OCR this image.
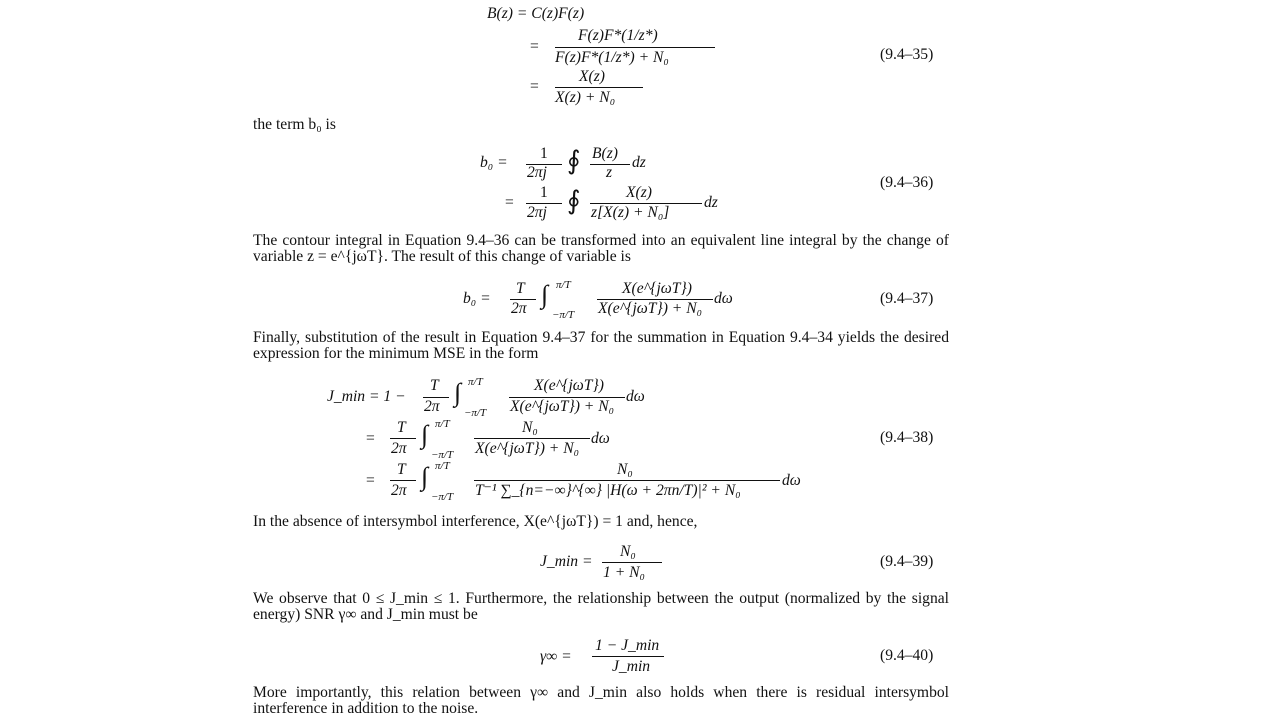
B(z) = C(z)F(z)
=
F(z)F*(1/z*)
F(z)F*(1/z*) + N₀
=
X(z)
X(z) + N₀
(9.4–35)
the term b₀ is
b₀ =
1
2πj ∮ B(z)
z
dz
=
1
2πj ∮	X(z)
z[X(z) + N₀]
dz
(9.4–36)
The contour integral in Equation 9.4–36 can be transformed into an equivalent line integral by the change of variable z = e^{jωT}. The result of this change of variable is
b₀ =
T
2π ∫ π/T
−π/T
X(e^{jωT})
X(e^{jωT}) + N₀
dω	(9.4–37)
Finally, substitution of the result in Equation 9.4–37 for the summation in Equation 9.4–34 yields the desired expression for the minimum MSE in the form
J_min = 1 −
T
2π ∫ π/T
−π/T
X(e^{jωT})
X(e^{jωT}) + N₀
dω
=
T
2π ∫ π/T
−π/T
N₀
X(e^{jωT}) + N₀
dω
=
T
2π ∫ π/T
−π/T
N₀
T⁻¹ ∑_{n=−∞}^{∞} |H(ω + 2πn/T)|² + N₀
dω
(9.4–38)
In the absence of intersymbol interference, X(e^{jωT}) = 1 and, hence,
J_min =
N₀
1 + N₀
(9.4–39)
We observe that 0 ≤ J_min ≤ 1. Furthermore, the relationship between the output (normalized by the signal energy) SNR γ∞ and J_min must be
γ∞ =
1 − J_min
J_min
(9.4–40)
More importantly, this relation between γ∞ and J_min also holds when there is residual intersymbol interference in addition to the noise.
